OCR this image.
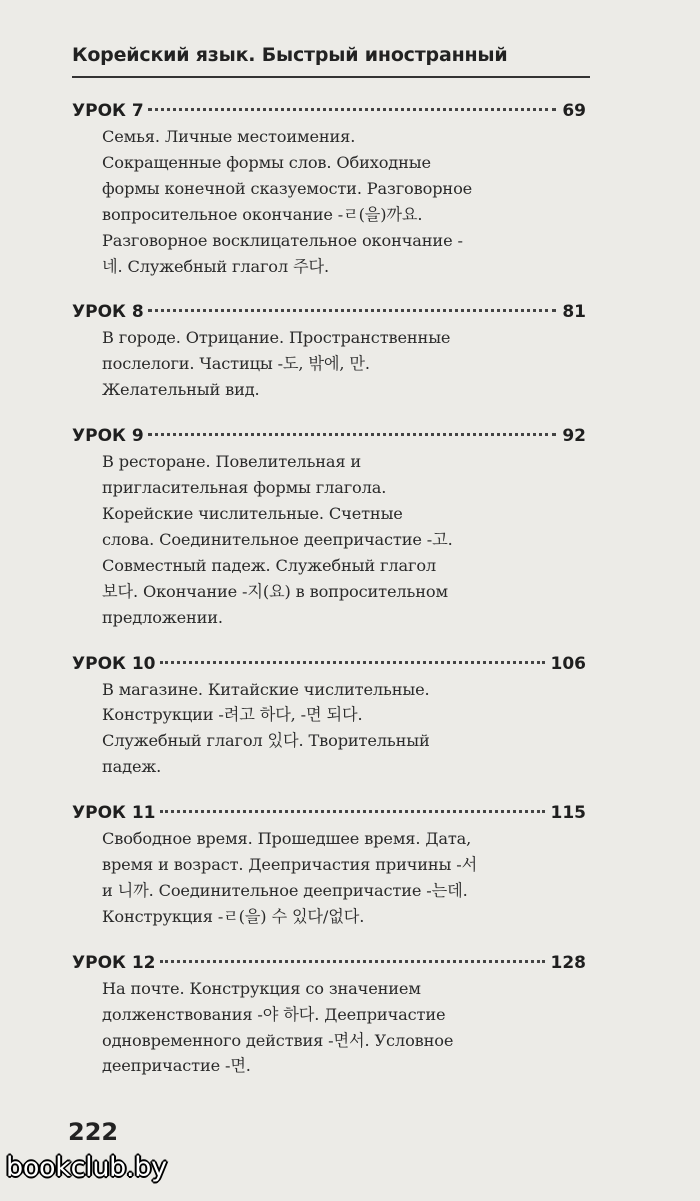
Корейский язык. Быстрый иностранный
УРОК 7	69
Семья. Личные местоимения.
Сокращенные формы слов. Обиходные
формы конечной сказуемости. Разговорное
вопросительное окончание -ㄹ(을)까요.
Разговорное восклицательное окончание -
네. Служебный глагол 주다.
УРОК 8	81
В городе. Отрицание. Пространственные
послелоги. Частицы -도, 밖에, 만.
Желательный вид.
УРОК 9	92
В ресторане. Повелительная и
пригласительная формы глагола.
Корейские числительные. Счетные
слова. Соединительное деепричастие -고.
Совместный падеж. Служебный глагол
보다. Окончание -지(요) в вопросительном
предложении.
УРОК 10	106
В магазине. Китайские числительные.
Конструкции -려고 하다, -면 되다.
Служебный глагол 있다. Творительный
падеж.
УРОК 11	115
Свободное время. Прошедшее время. Дата,
время и возраст. Деепричастия причины -서
и 니까. Соединительное деепричастие -는데.
Конструкция -ㄹ(을) 수 있다/없다.
УРОК 12	128
На почте. Конструкция со значением
долженствования -야 하다. Деепричастие
одновременного действия -면서. Условное
деепричастие -면.
222
bookclub.by
